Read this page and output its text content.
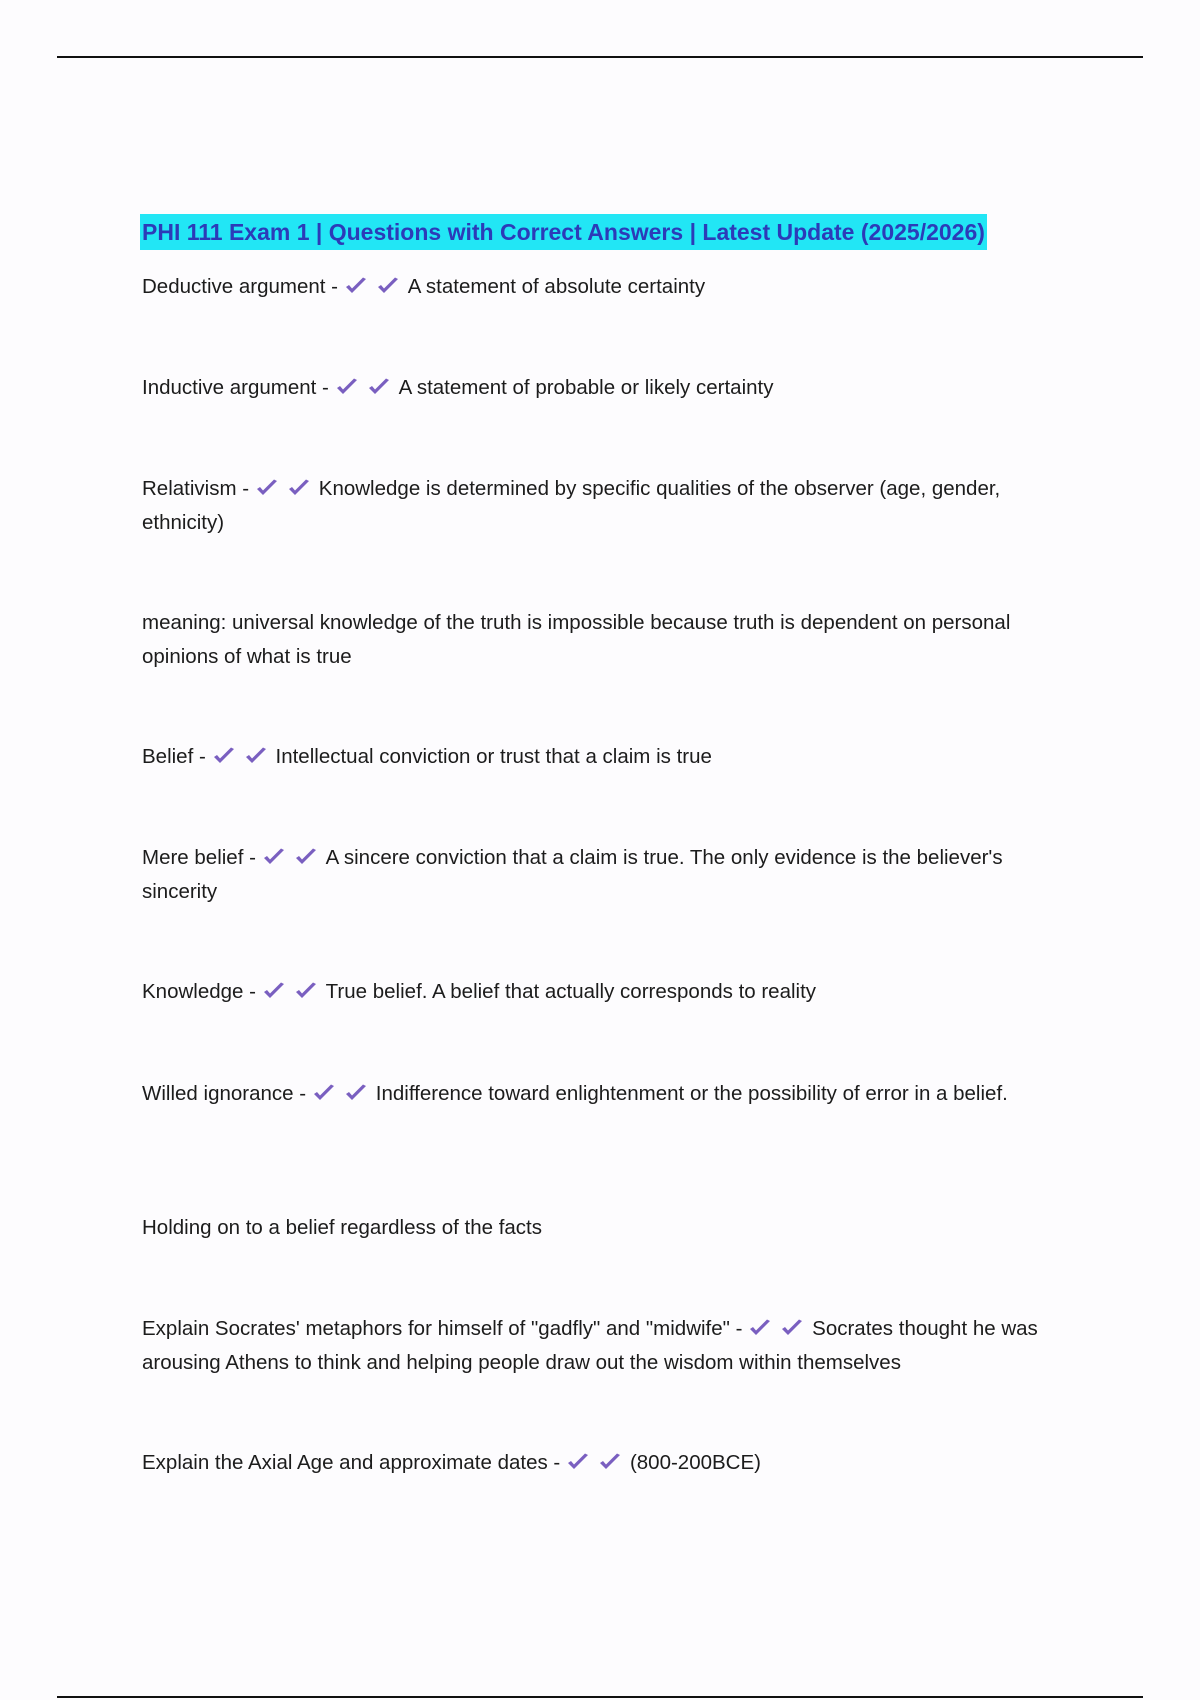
PHI 111 Exam 1 | Questions with Correct Answers | Latest Update (2025/2026)
Deductive argument -	A statement of absolute certainty
Inductive argument -	A statement of probable or likely certainty
Relativism -	Knowledge is determined by specific qualities of the observer (age, gender, ethnicity)
meaning: universal knowledge of the truth is impossible because truth is dependent on personal opinions of what is true
Belief -	Intellectual conviction or trust that a claim is true
Mere belief -	A sincere conviction that a claim is true. The only evidence is the believer's sincerity
Knowledge -	True belief. A belief that actually corresponds to reality
Willed ignorance -	Indifference toward enlightenment or the possibility of error in a belief.
Holding on to a belief regardless of the facts
Explain Socrates' metaphors for himself of "gadfly" and "midwife" -	Socrates thought he was arousing Athens to think and helping people draw out the wisdom within themselves
Explain the Axial Age and approximate dates -	(800-200BCE)
